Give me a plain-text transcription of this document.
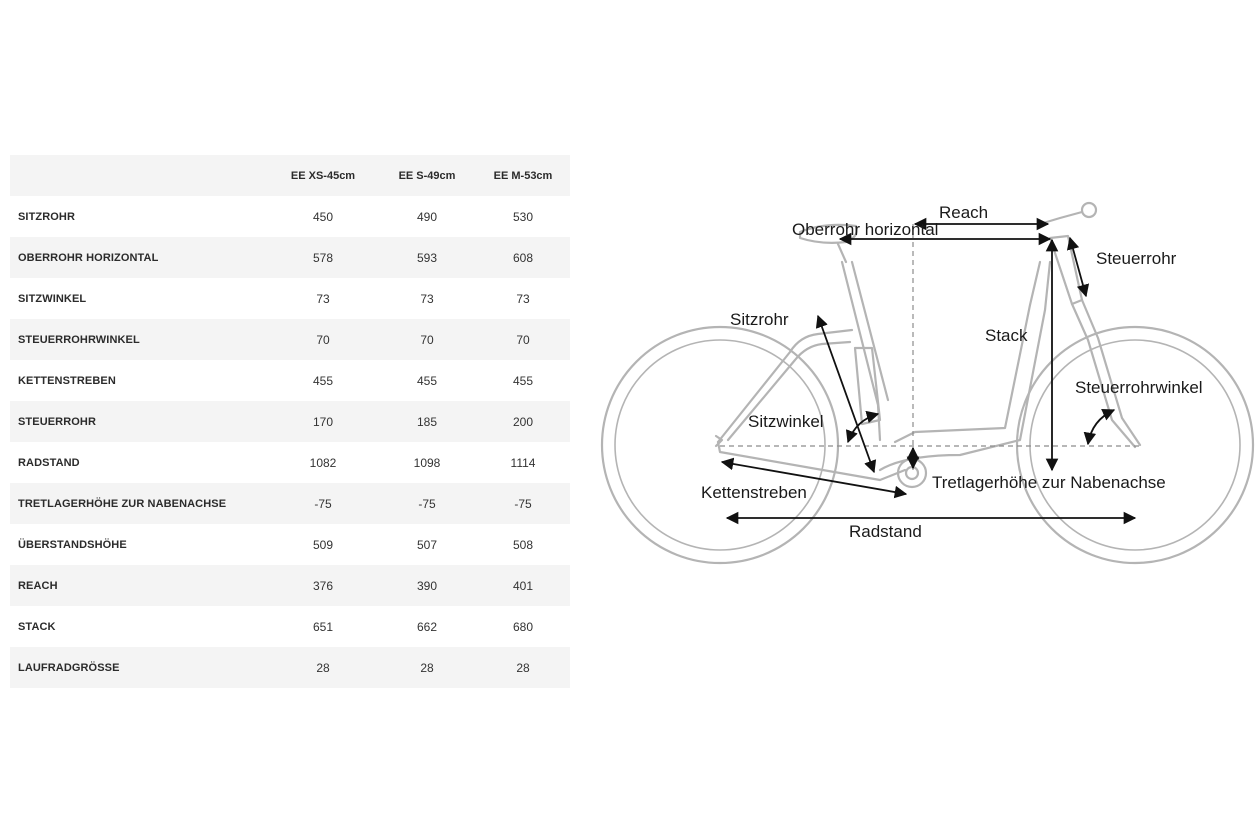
	EE XS-45cm	EE S-49cm	EE M-53cm
SITZROHR	450	490	530
OBERROHR HORIZONTAL	578	593	608
SITZWINKEL	73	73	73
STEUERROHRWINKEL	70	70	70
KETTENSTREBEN	455	455	455
STEUERROHR	170	185	200
RADSTAND	1082	1098	1114
TRETLAGERHÖHE ZUR NABENACHSE	-75	-75	-75
ÜBERSTANDSHÖHE	509	507	508
REACH	376	390	401
STACK	651	662	680
LAUFRADGRÖSSE	28	28	28
Reach
Oberrohr horizontal
Steuerrohr
Sitzrohr
Stack
Steuerrohrwinkel
Sitzwinkel
Tretlagerhöhe zur Nabenachse
Kettenstreben
Radstand
